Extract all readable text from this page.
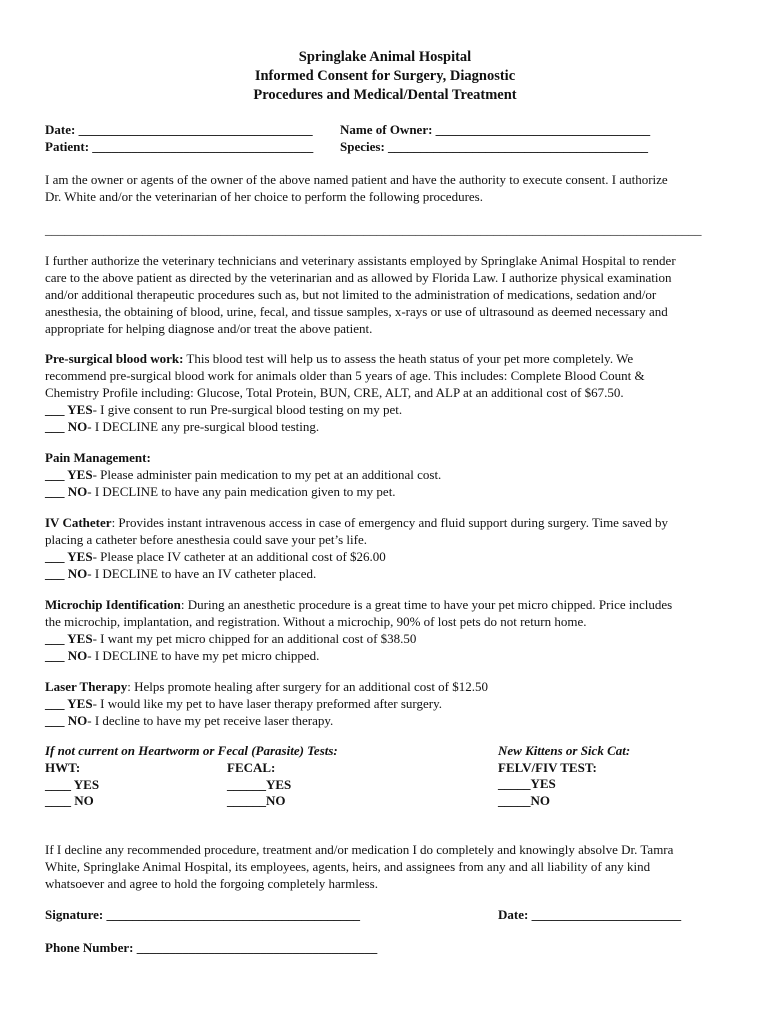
Springlake Animal Hospital
Informed Consent for Surgery, Diagnostic
Procedures and Medical/Dental Treatment
Date: ____________________________________ Name of Owner: _________________________________
Patient: __________________________________ Species: ________________________________________
I am the owner or agents of the owner of the above named patient and have the authority to execute consent. I authorize
Dr. White and/or the veterinarian of her choice to perform the following procedures.
_____________________________________________________________________________________________________
I further authorize the veterinary technicians and veterinary assistants employed by Springlake Animal Hospital to render
care to the above patient as directed by the veterinarian and as allowed by Florida Law. I authorize physical examination
and/or additional therapeutic procedures such as, but not limited to the administration of medications, sedation and/or
anesthesia, the obtaining of blood, urine, fecal, and tissue samples, x-rays or use of ultrasound as deemed necessary and
appropriate for helping diagnose and/or treat the above patient.
Pre-surgical blood work: This blood test will help us to assess the heath status of your pet more completely. We
recommend pre-surgical blood work for animals older than 5 years of age. This includes: Complete Blood Count &
Chemistry Profile including: Glucose, Total Protein, BUN, CRE, ALT, and ALP at an additional cost of $67.50.
___ YES- I give consent to run Pre-surgical blood testing on my pet.
___ NO- I DECLINE any pre-surgical blood testing.
Pain Management:
___ YES- Please administer pain medication to my pet at an additional cost.
___ NO- I DECLINE to have any pain medication given to my pet.
IV Catheter: Provides instant intravenous access in case of emergency and fluid support during surgery. Time saved by
placing a catheter before anesthesia could save your pet’s life.
___ YES- Please place IV catheter at an additional cost of $26.00
___ NO- I DECLINE to have an IV catheter placed.
Microchip Identification: During an anesthetic procedure is a great time to have your pet micro chipped. Price includes
the microchip, implantation, and registration. Without a microchip, 90% of lost pets do not return home.
___ YES- I want my pet micro chipped for an additional cost of $38.50
___ NO- I DECLINE to have my pet micro chipped.
Laser Therapy: Helps promote healing after surgery for an additional cost of $12.50
___ YES- I would like my pet to have laser therapy preformed after surgery.
___ NO- I decline to have my pet receive laser therapy.
If not current on Heartworm or Fecal (Parasite) Tests:
HWT:
____ YES
____ NO
FECAL:
______YES
______NO
New Kittens or Sick Cat:
FELV/FIV TEST:
_____YES
_____NO
If I decline any recommended procedure, treatment and/or medication I do completely and knowingly absolve Dr. Tamra
White, Springlake Animal Hospital, its employees, agents, heirs, and assignees from any and all liability of any kind
whatsoever and agree to hold the forgoing completely harmless.
Signature: _______________________________________	Date: _______________________
Phone Number: _____________________________________
